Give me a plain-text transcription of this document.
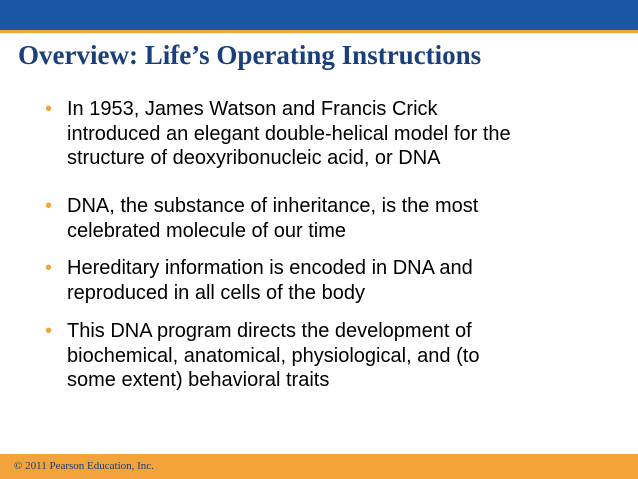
Overview: Life’s Operating Instructions
• In 1953, James Watson and Francis Crick
introduced an elegant double-helical model for the
structure of deoxyribonucleic acid, or DNA
• DNA, the substance of inheritance, is the most
celebrated molecule of our time
• Hereditary information is encoded in DNA and
reproduced in all cells of the body
• This DNA program directs the development of
biochemical, anatomical, physiological, and (to
some extent) behavioral traits
© 2011 Pearson Education, Inc.
